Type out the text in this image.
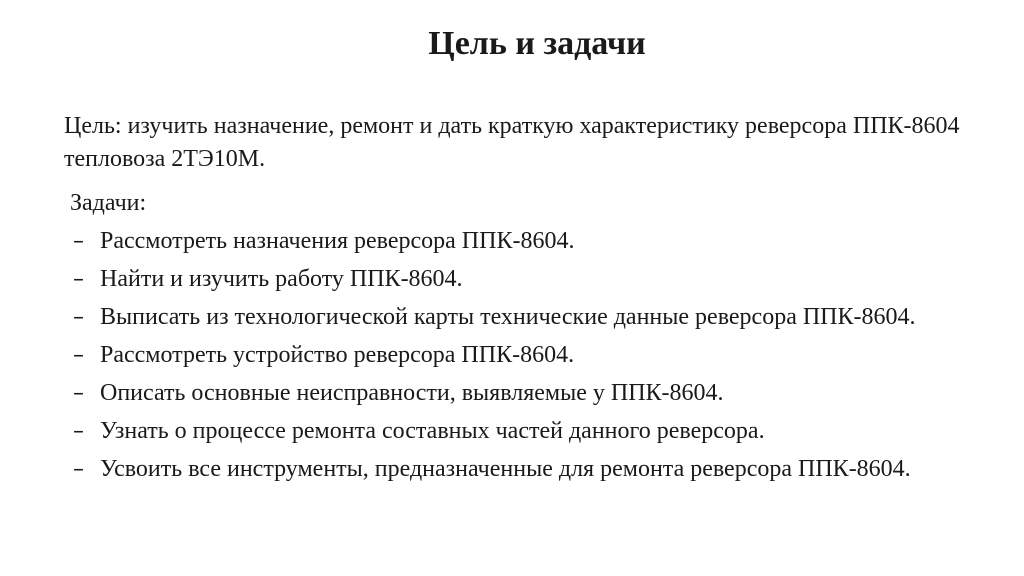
Цель и задачи
Цель: изучить назначение, ремонт и дать краткую характеристику реверсора ППК-8604 тепловоза 2ТЭ10М.
Задачи:
– Рассмотреть назначения реверсора ППК-8604.
– Найти и изучить работу ППК-8604.
– Выписать из технологической карты технические данные реверсора ППК-8604.
– Рассмотреть устройство реверсора ППК-8604.
– Описать основные неисправности, выявляемые у ППК-8604.
– Узнать о процессе ремонта составных частей данного реверсора.
– Усвоить все инструменты, предназначенные для ремонта реверсора ППК-8604.
